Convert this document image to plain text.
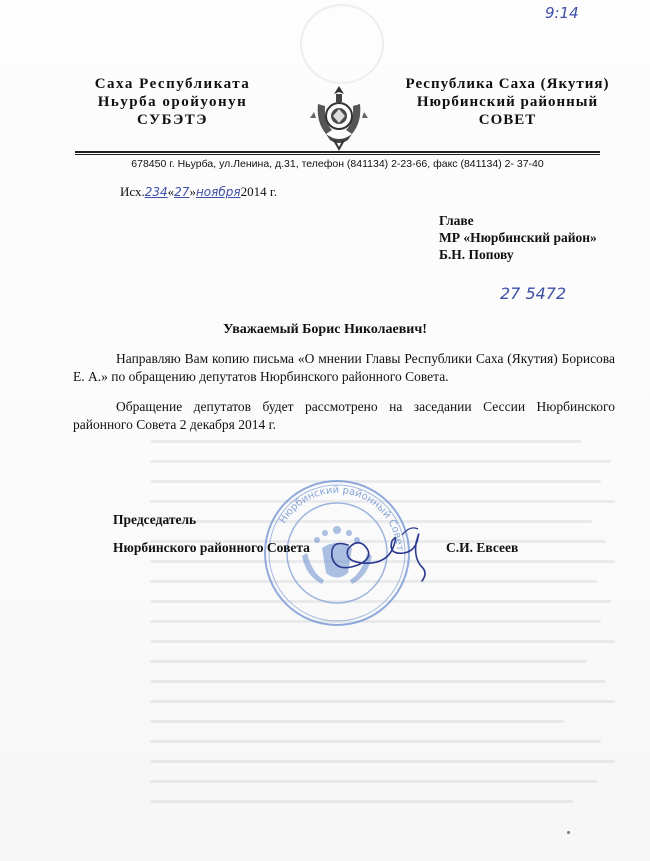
9:14
27 5472
Саха Республиката
Ньурба оройуонун
СУБЭТЭ
Республика Саха (Якутия)
Нюрбинский районный
СОВЕТ
678450 г. Ньурба, ул.Ленина, д.31, телефон (841134) 2-23-66, факс (841134) 2- 37-40
Исх.234«27»ноября2014 г.
Главе
МР «Нюрбинский район»
Б.Н. Попову
Уважаемый Борис Николаевич!
Направляю Вам копию письма «О мнении Главы Республики Саха (Якутия) Борисова Е. А.» по обращению депутатов Нюрбинского районного Совета.
Обращение депутатов будет рассмотрено на заседании Сессии Нюрбинского районного Совета 2 декабря 2014 г.
Нюрбинский районный Совет
Председатель
Нюрбинского районного Совета	С.И. Евсеев
